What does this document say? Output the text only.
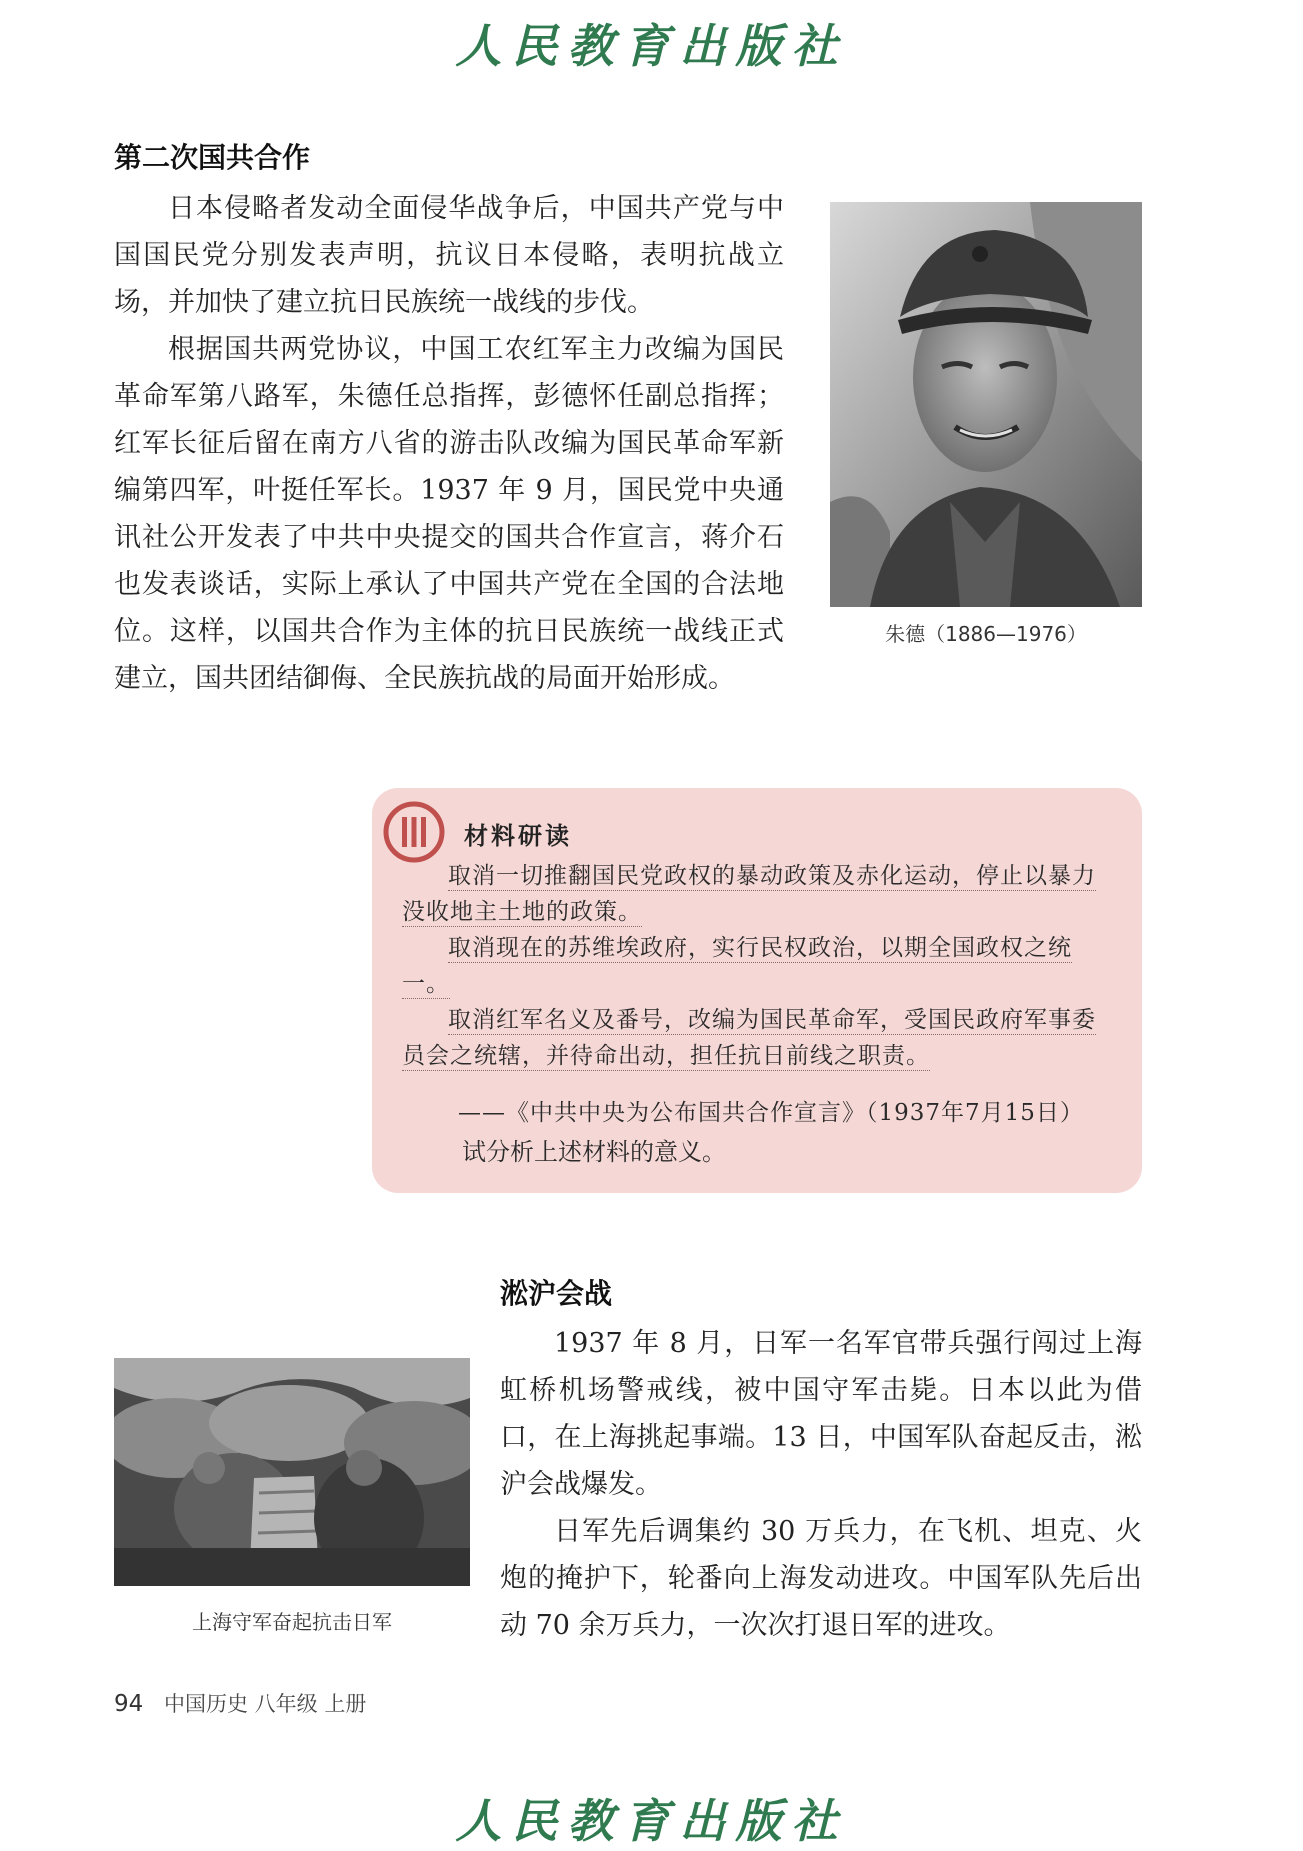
人民教育出版社
第二次国共合作

日本侵略者发动全面侵华战争后，中国共产党与中国国民党分别发表声明，抗议日本侵略，表明抗战立场，并加快了建立抗日民族统一战线的步伐。

根据国共两党协议，中国工农红军主力改编为国民革命军第八路军，朱德任总指挥，彭德怀任副总指挥；红军长征后留在南方八省的游击队改编为国民革命军新编第四军，叶挺任军长。1937 年 9 月，国民党中央通讯社公开发表了中共中央提交的国共合作宣言，蒋介石也发表谈话，实际上承认了中国共产党在全国的合法地位。这样，以国共合作为主体的抗日民族统一战线正式建立，国共团结御侮、全民族抗战的局面开始形成。

朱德（1886—1976）
材料研读

取消一切推翻国民党政权的暴动政策及赤化运动，停止以暴力没收地主土地的政策。

取消现在的苏维埃政府，实行民权政治，以期全国政权之统一。

取消红军名义及番号，改编为国民革命军，受国民政府军事委员会之统辖，并待命出动，担任抗日前线之职责。

——《中共中央为公布国共合作宣言》（1937年7月15日）
试分析上述材料的意义。
淞沪会战

1937 年 8 月，日军一名军官带兵强行闯过上海虹桥机场警戒线，被中国守军击毙。日本以此为借口，在上海挑起事端。13 日，中国军队奋起反击，淞沪会战爆发。

日军先后调集约 30 万兵力，在飞机、坦克、火炮的掩护下，轮番向上海发动进攻。中国军队先后出动 70 余万兵力，一次次打退日军的进攻。

上海守军奋起抗击日军
94 中国历史 八年级 上册
人民教育出版社
